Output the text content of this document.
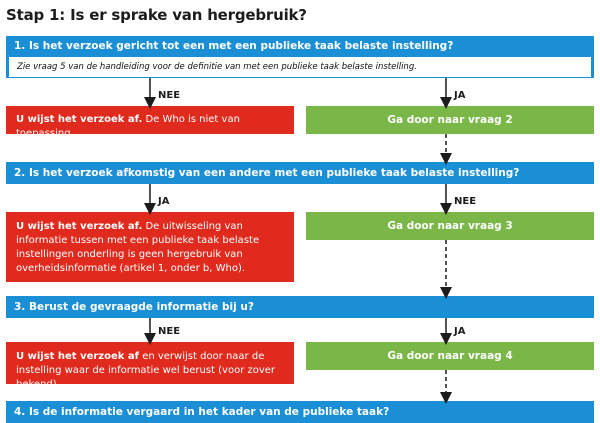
Stap 1: Is er sprake van hergebruik?
1. Is het verzoek gericht tot een met een publieke taak belaste instelling?
Zie vraag 5 van de handleiding voor de definitie van met een publieke taak belaste instelling.
NEE	JA
U wijst het verzoek af. De Who is niet van toepassing.
Ga door naar vraag 2
2. Is het verzoek afkomstig van een andere met een publieke taak belaste instelling?
JA	NEE
U wijst het verzoek af. De uitwisseling van informatie tussen met een publieke taak belaste instellingen onderling is geen hergebruik van overheidsinformatie (artikel 1, onder b, Who).
Ga door naar vraag 3
3. Berust de gevraagde informatie bij u?
NEE	JA
U wijst het verzoek af en verwijst door naar de instelling waar de informatie wel berust (voor zover bekend).
Ga door naar vraag 4
4. Is de informatie vergaard in het kader van de publieke taak?
